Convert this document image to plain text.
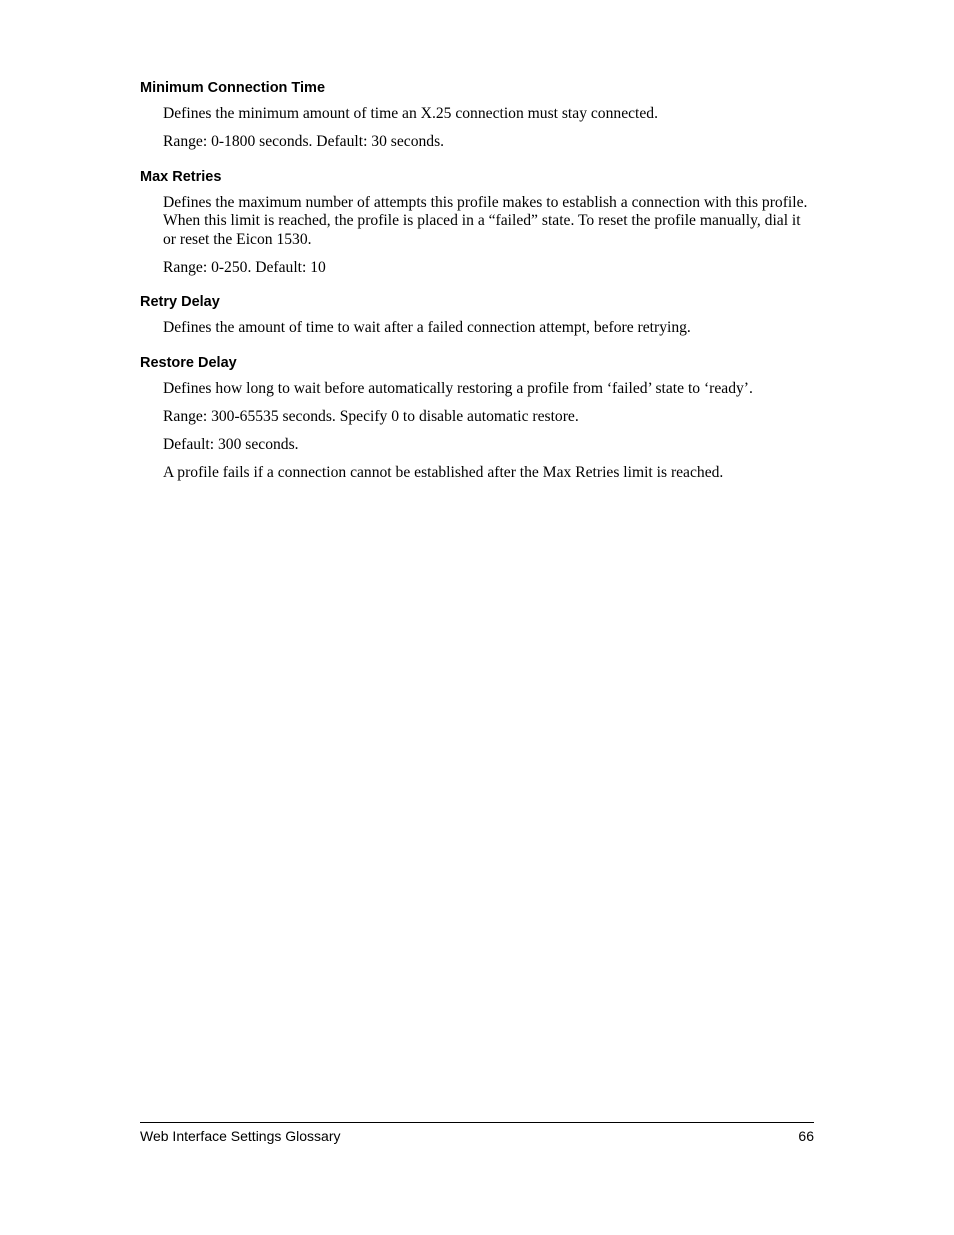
Minimum Connection Time

Defines the minimum amount of time an X.25 connection must stay connected.

Range: 0-1800 seconds. Default: 30 seconds.

Max Retries

Defines the maximum number of attempts this profile makes to establish a connection with this profile. When this limit is reached, the profile is placed in a “failed” state. To reset the profile manually, dial it or reset the Eicon 1530.

Range: 0-250. Default: 10

Retry Delay

Defines the amount of time to wait after a failed connection attempt, before retrying.

Restore Delay

Defines how long to wait before automatically restoring a profile from ‘failed’ state to ‘ready’.

Range: 300-65535 seconds. Specify 0 to disable automatic restore.

Default: 300 seconds.

A profile fails if a connection cannot be established after the Max Retries limit is reached.

Web Interface Settings Glossary	66
